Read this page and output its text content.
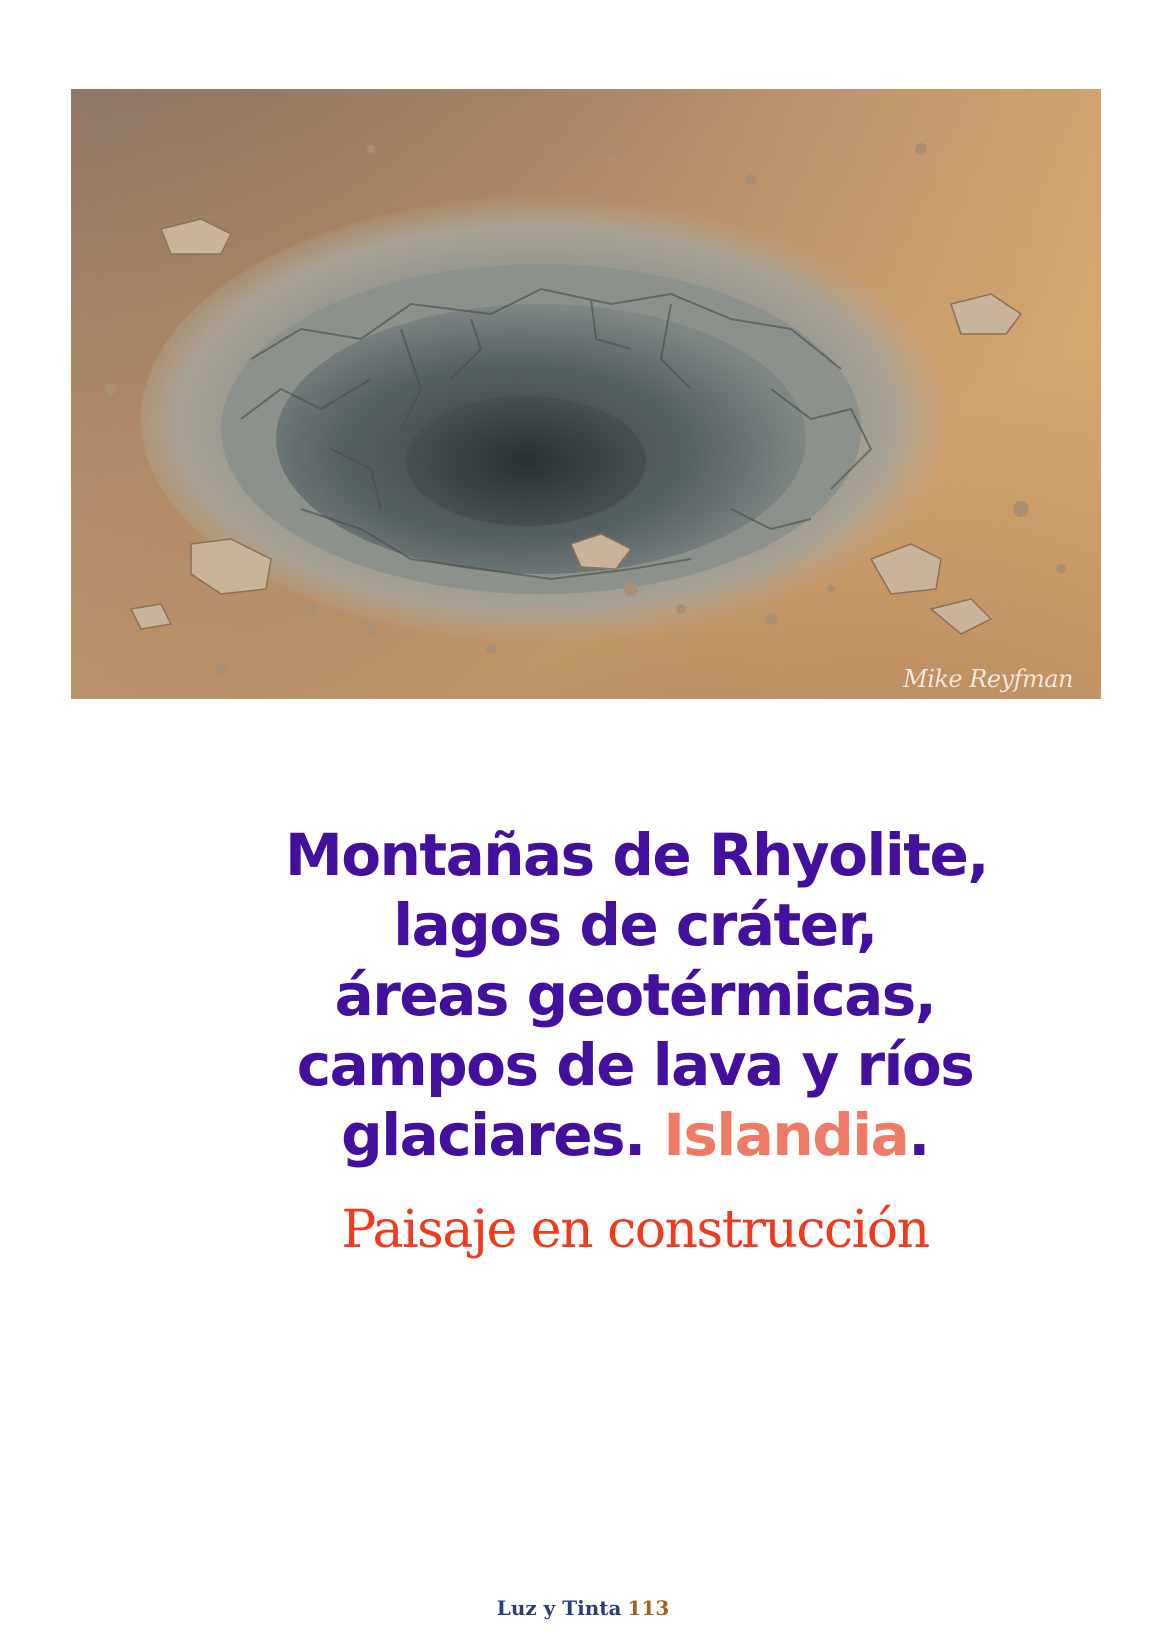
Mike Reyfman
Montañas de Rhyolite,
lagos de cráter,
áreas geotérmicas,
campos de lava y ríos
glaciares. Islandia.
Paisaje en construcción
Luz y Tinta 113
